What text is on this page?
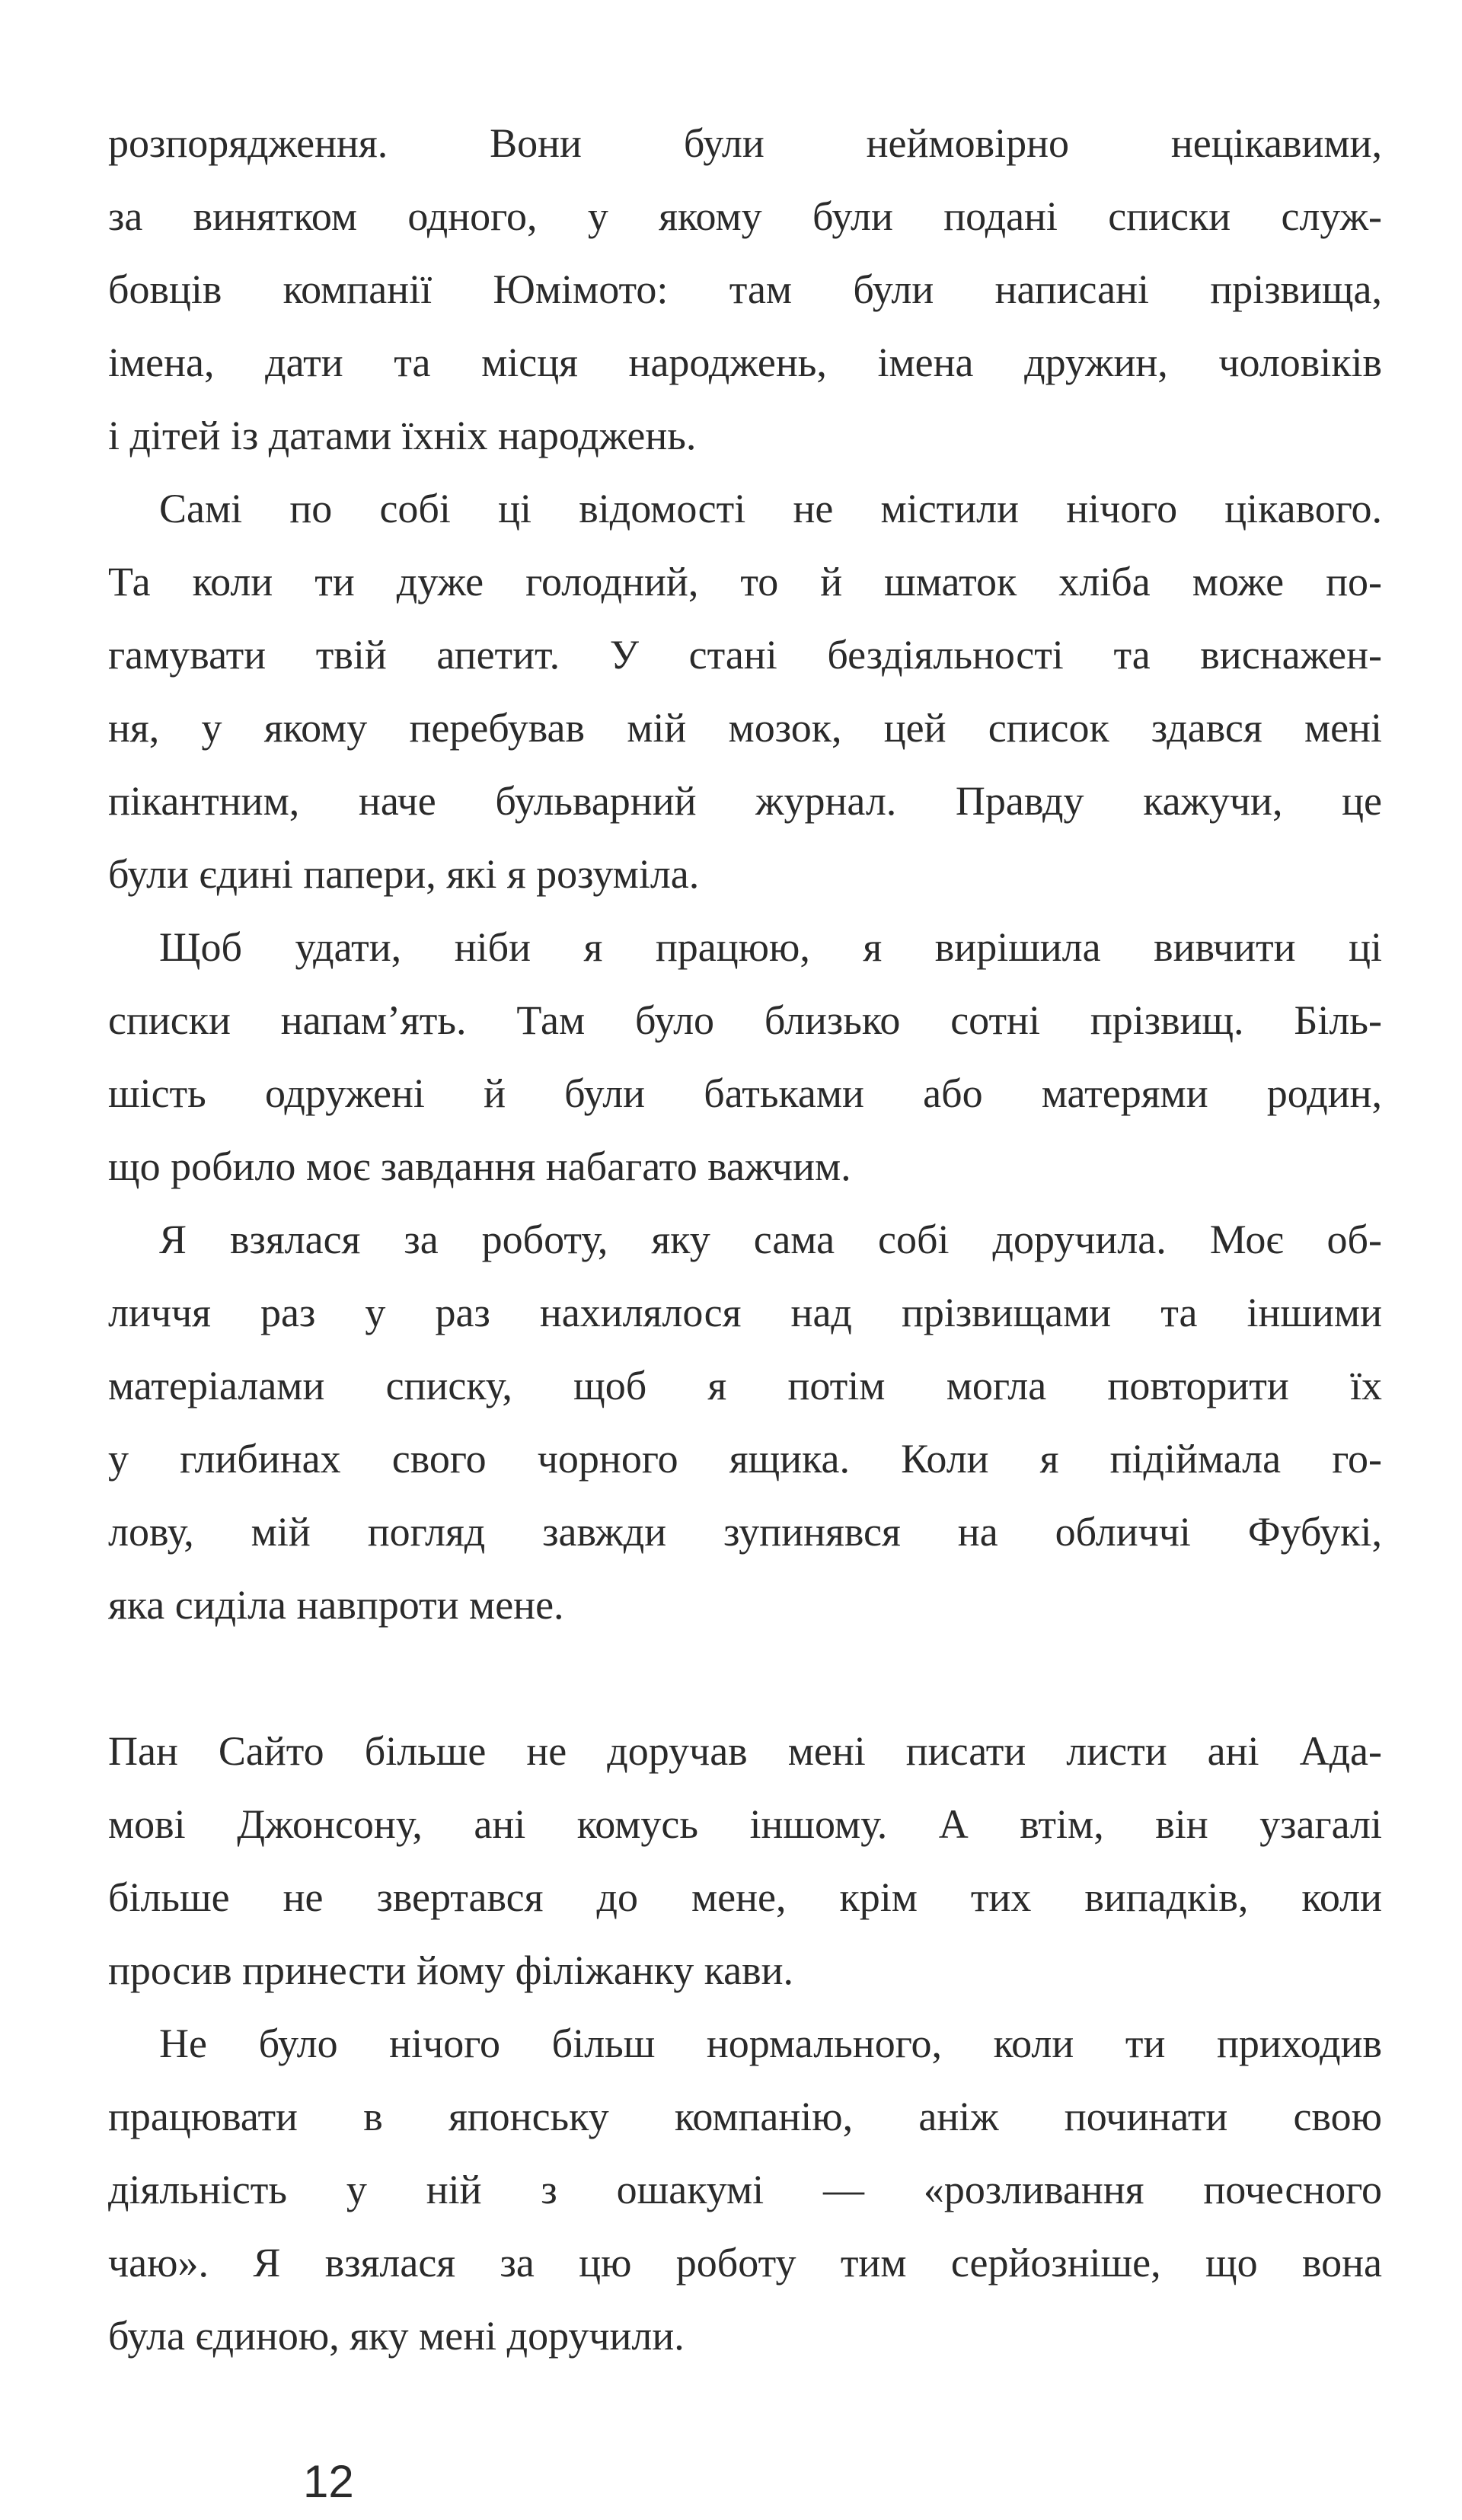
розпорядження. Вони були неймовірно нецікавими,
за винятком одного, у якому були подані списки служ-
бовців компанії Юмімото: там були написані прізвища,
імена, дати та місця народжень, імена дружин, чоловіків
і дітей із датами їхніх народжень.
Самі по собі ці відомості не містили нічого цікавого.
Та коли ти дуже голодний, то й шматок хліба може по-
гамувати твій апетит. У стані бездіяльності та виснажен-
ня, у якому перебував мій мозок, цей список здався мені
пікантним, наче бульварний журнал. Правду кажучи, це
були єдині папери, які я розуміла.
Щоб удати, ніби я працюю, я вирішила вивчити ці
списки напам’ять. Там було близько сотні прізвищ. Біль-
шість одружені й були батьками або матерями родин,
що робило моє завдання набагато важчим.
Я взялася за роботу, яку сама собі доручила. Моє об-
личчя раз у раз нахилялося над прізвищами та іншими
матеріалами списку, щоб я потім могла повторити їх
у глибинах свого чорного ящика. Коли я підіймала го-
лову, мій погляд завжди зупинявся на обличчі Фубукі,
яка сиділа навпроти мене.
Пан Сайто більше не доручав мені писати листи ані Ада-
мові Джонсону, ані комусь іншому. А втім, він узагалі
більше не звертався до мене, крім тих випадків, коли
просив принести йому філіжанку кави.
Не було нічого більш нормального, коли ти приходив
працювати в японську компанію, аніж починати свою
діяльність у ній з ошакумі — «розливання почесного
чаю». Я взялася за цю роботу тим серйозніше, що вона
була єдиною, яку мені доручили.
12
